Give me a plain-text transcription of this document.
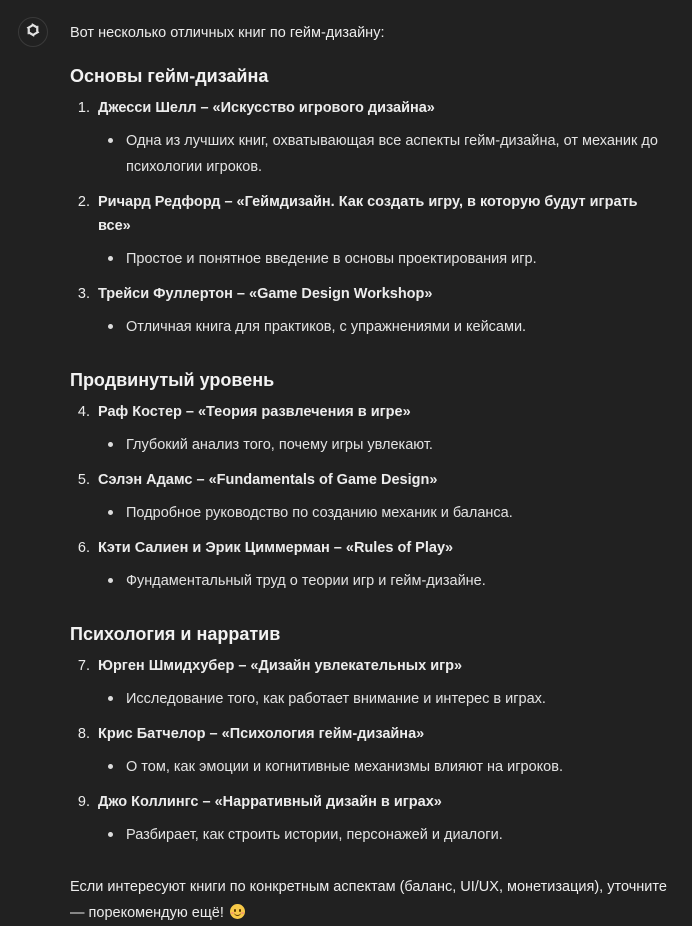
Вот несколько отличных книг по гейм-дизайну:

Основы гейм-дизайна
1. Джесси Шелл – «Искусство игрового дизайна»
Одна из лучших книг, охватывающая все аспекты гейм-дизайна, от механик до психологии игроков.
2. Ричард Редфорд – «Геймдизайн. Как создать игру, в которую будут играть все»
Простое и понятное введение в основы проектирования игр.
3. Трейси Фуллертон – «Game Design Workshop»
Отличная книга для практиков, с упражнениями и кейсами.
Продвинутый уровень
4. Раф Костер – «Теория развлечения в игре»
Глубокий анализ того, почему игры увлекают.
5. Сэлэн Адамс – «Fundamentals of Game Design»
Подробное руководство по созданию механик и баланса.
6. Кэти Салиен и Эрик Циммерман – «Rules of Play»
Фундаментальный труд о теории игр и гейм-дизайне.
Психология и нарратив
7. Юрген Шмидхубер – «Дизайн увлекательных игр»
Исследование того, как работает внимание и интерес в играх.
8. Крис Батчелор – «Психология гейм-дизайна»
О том, как эмоции и когнитивные механизмы влияют на игроков.
9. Джо Коллингс – «Нарративный дизайн в играх»
Разбирает, как строить истории, персонажей и диалоги.

Если интересуют книги по конкретным аспектам (баланс, UI/UX, монетизация), уточните — порекомендую ещё!
